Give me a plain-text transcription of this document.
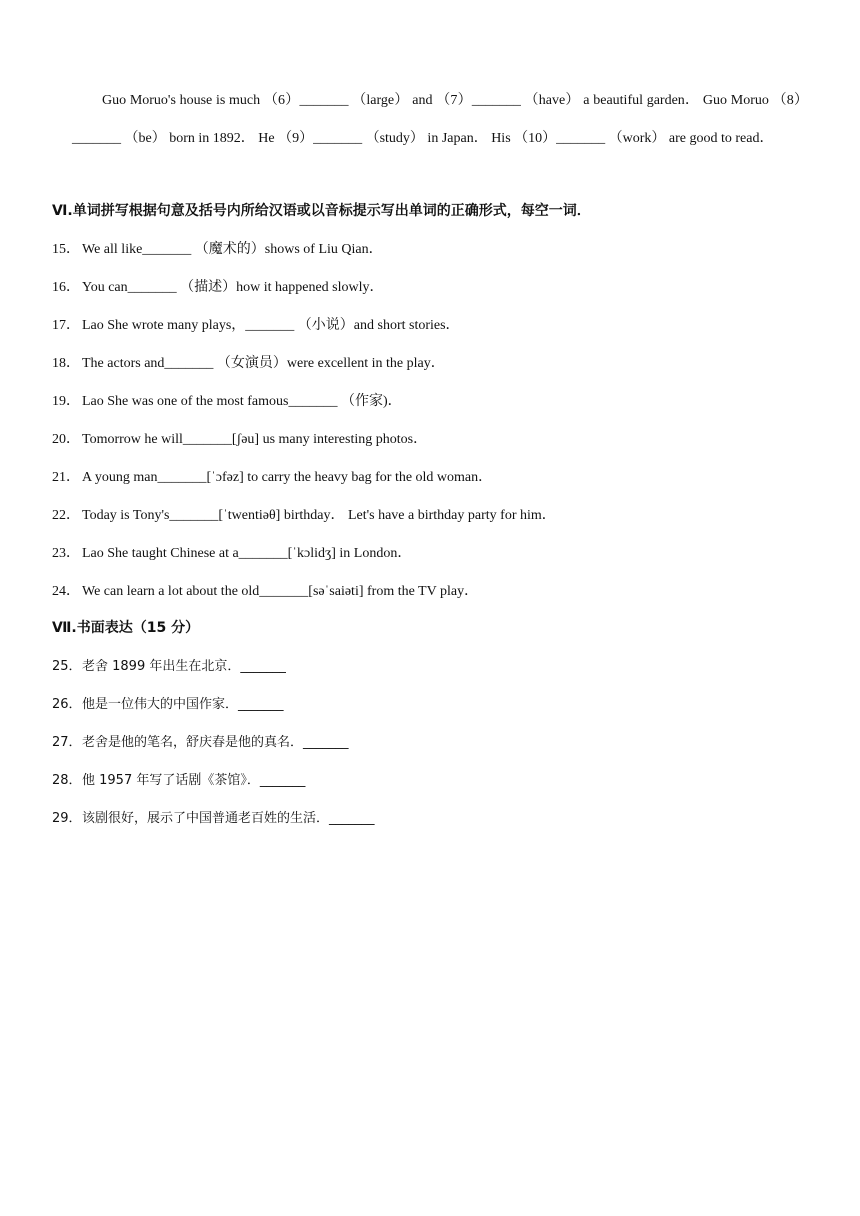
Guo Moruo's house is much （6）_______ （large） and （7）_______ （have） a beautiful garden． Guo Moruo （8）_______ （be） born in 1892． He （9）_______ （study） in Japan． His （10）_______ （work） are good to read．

Ⅵ.单词拼写根据句意及括号内所给汉语或以音标提示写出单词的正确形式，每空一词．

15． We all like_______ （魔术的）shows of Liu Qian．

16． You can_______ （描述）how it happened slowly．

17． Lao She wrote many plays，_______ （小说）and short stories．

18． The actors and_______ （女演员）were excellent in the play．

19． Lao She was one of the most famous_______ （作家)．

20． Tomorrow he will_______[ʃəu] us many interesting photos．

21． A young man_______[ˈɔfəz] to carry the heavy bag for the old woman．

22． Today is Tony's_______[ˈtwentiəθ] birthday． Let's have a birthday party for him．

23． Lao She taught Chinese at a_______[ˈkɔlidʒ] in London．

24． We can learn a lot about the old_______[səˈsaiəti] from the TV play．

Ⅶ.书面表达（15 分）

25．老舍 1899 年出生在北京．_______

26．他是一位伟大的中国作家．_______

27．老舍是他的笔名，舒庆春是他的真名．_______

28．他 1957 年写了话剧《茶馆》．_______

29．该剧很好，展示了中国普通老百姓的生活．_______
